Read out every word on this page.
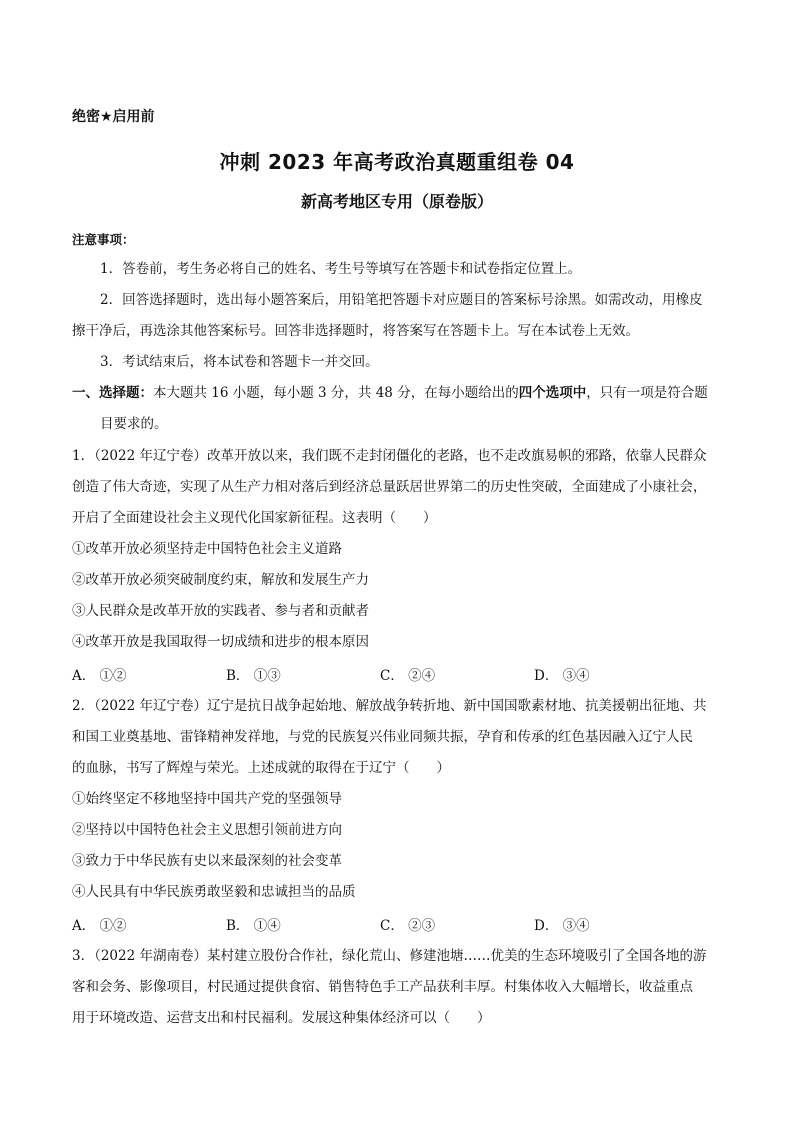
绝密★启用前
冲刺 2023 年高考政治真题重组卷 04
新高考地区专用（原卷版）
注意事项：
1．答卷前，考生务必将自己的姓名、考生号等填写在答题卡和试卷指定位置上。
2．回答选择题时，选出每小题答案后，用铅笔把答题卡对应题目的答案标号涂黑。如需改动，用橡皮
擦干净后，再选涂其他答案标号。回答非选择题时，将答案写在答题卡上。写在本试卷上无效。
3．考试结束后，将本试卷和答题卡一并交回。
一、选择题：本大题共 16 小题，每小题 3 分，共 48 分，在每小题给出的四个选项中，只有一项是符合题
目要求的。
1．（2022 年辽宁卷）改革开放以来，我们既不走封闭僵化的老路，也不走改旗易帜的邪路，依靠人民群众
创造了伟大奇迹，实现了从生产力相对落后到经济总量跃居世界第二的历史性突破，全面建成了小康社会，
开启了全面建设社会主义现代化国家新征程。这表明（　　）
①改革开放必须坚持走中国特色社会主义道路
②改革开放必须突破制度约束，解放和发展生产力
③人民群众是改革开放的实践者、参与者和贡献者
④改革开放是我国取得一切成绩和进步的根本原因
A． ①②	B． ①③	C． ②④	D． ③④
2．（2022 年辽宁卷）辽宁是抗日战争起始地、解放战争转折地、新中国国歌素材地、抗美援朝出征地、共
和国工业奠基地、雷锋精神发祥地，与党的民族复兴伟业同频共振，孕育和传承的红色基因融入辽宁人民
的血脉，书写了辉煌与荣光。上述成就的取得在于辽宁（　　）
①始终坚定不移地坚持中国共产党的坚强领导
②坚持以中国特色社会主义思想引领前进方向
③致力于中华民族有史以来最深刻的社会变革
④人民具有中华民族勇敢坚毅和忠诚担当的品质
A． ①②	B． ①④	C． ②③	D． ③④
3．（2022 年湖南卷）某村建立股份合作社，绿化荒山、修建池塘……优美的生态环境吸引了全国各地的游
客和会务、影像项目，村民通过提供食宿、销售特色手工产品获利丰厚。村集体收入大幅增长，收益重点
用于环境改造、运营支出和村民福利。发展这种集体经济可以（　　）
